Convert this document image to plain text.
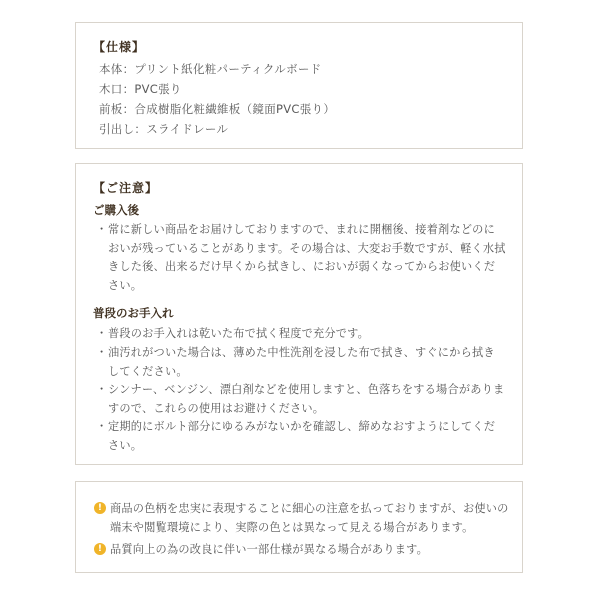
【仕様】
本体：プリント紙化粧パーティクルボード
木口：PVC張り
前板：合成樹脂化粧繊維板（鏡面PVC張り）
引出し：スライドレール
【ご注意】
ご購入後
・ 常に新しい商品をお届けしておりますので、まれに開梱後、接着剤などのにおいが残っていることがあります。その場合は、大変お手数ですが、軽く水拭きした後、出来るだけ早くから拭きし、においが弱くなってからお使いください。
普段のお手入れ
・ 普段のお手入れは乾いた布で拭く程度で充分です。
・ 油汚れがついた場合は、薄めた中性洗剤を浸した布で拭き、すぐにから拭きしてください。
・ シンナー、ベンジン、漂白剤などを使用しますと、色落ちをする場合がありますので、これらの使用はお避けください。
・ 定期的にボルト部分にゆるみがないかを確認し、締めなおすようにしてください。
! 商品の色柄を忠実に表現することに細心の注意を払っておりますが、お使いの端末や閲覧環境により、実際の色とは異なって見える場合があります。
! 品質向上の為の改良に伴い一部仕様が異なる場合があります。
